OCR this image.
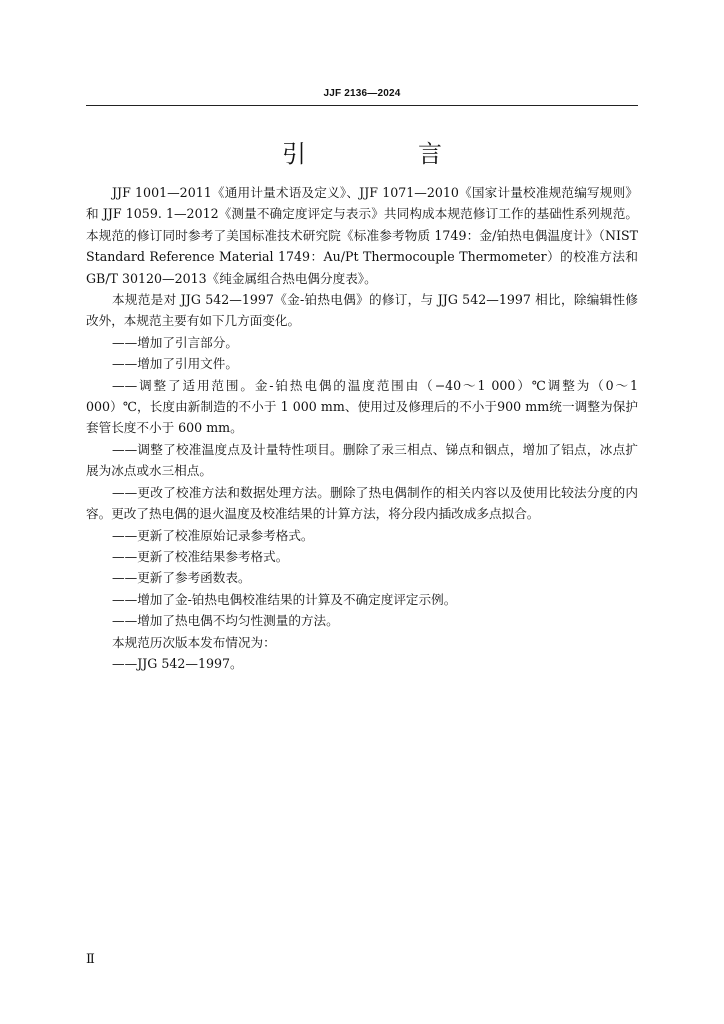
JJF 2136—2024
引　言

JJF 1001—2011《通用计量术语及定义》、JJF 1071—2010《国家计量校准规范编写规则》和 JJF 1059. 1—2012《测量不确定度评定与表示》共同构成本规范修订工作的基础性系列规范。本规范的修订同时参考了美国标准技术研究院《标准参考物质 1749：金/铂热电偶温度计》（NIST Standard Reference Material 1749：Au/Pt Thermocouple Thermometer）的校准方法和 GB/T 30120—2013《纯金属组合热电偶分度表》。

本规范是对 JJG 542—1997《金-铂热电偶》的修订，与 JJG 542—1997 相比，除编辑性修改外，本规范主要有如下几方面变化。

——增加了引言部分。

——增加了引用文件。

——调整了适用范围。金-铂热电偶的温度范围由（−40～1 000）℃调整为（0～1 000）℃，长度由新制造的不小于 1 000 mm、使用过及修理后的不小于900 mm统一调整为保护套管长度不小于 600 mm。

——调整了校准温度点及计量特性项目。删除了汞三相点、锑点和铟点，增加了铝点，冰点扩展为冰点或水三相点。

——更改了校准方法和数据处理方法。删除了热电偶制作的相关内容以及使用比较法分度的内容。更改了热电偶的退火温度及校准结果的计算方法，将分段内插改成多点拟合。

——更新了校准原始记录参考格式。

——更新了校准结果参考格式。

——更新了参考函数表。

——增加了金-铂热电偶校准结果的计算及不确定度评定示例。

——增加了热电偶不均匀性测量的方法。

本规范历次版本发布情况为：

——JJG 542—1997。

Ⅱ
